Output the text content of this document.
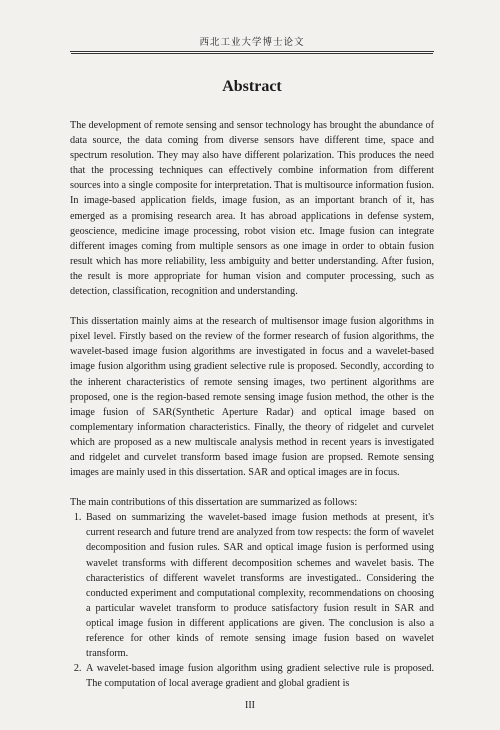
西北工业大学博士论文
Abstract

The development of remote sensing and sensor technology has brought the abundance of data source, the data coming from diverse sensors have different time, space and spectrum resolution. They may also have different polarization. This produces the need that the processing techniques can effectively combine information from different sources into a single composite for interpretation. That is multisource information fusion. In image-based application fields, image fusion, as an important branch of it, has emerged as a promising research area. It has abroad applications in defense system, geoscience, medicine image processing, robot vision etc. Image fusion can integrate different images coming from multiple sensors as one image in order to obtain fusion result which has more reliability, less ambiguity and better understanding. After fusion, the result is more appropriate for human vision and computer processing, such as detection, classification, recognition and understanding.

This dissertation mainly aims at the research of multisensor image fusion algorithms in pixel level. Firstly based on the review of the former research of fusion algorithms, the wavelet-based image fusion algorithms are investigated in focus and a wavelet-based image fusion algorithm using gradient selective rule is proposed. Secondly, according to the inherent characteristics of remote sensing images, two pertinent algorithms are proposed, one is the region-based remote sensing image fusion method, the other is the image fusion of SAR(Synthetic Aperture Radar) and optical image based on complementary information characteristics. Finally, the theory of ridgelet and curvelet which are proposed as a new multiscale analysis method in recent years is investigated and ridgelet and curvelet transform based image fusion are propsed. Remote sensing images are mainly used in this dissertation. SAR and optical images are in focus.

The main contributions of this dissertation are summarized as follows:

1. Based on summarizing the wavelet-based image fusion methods at present, it's current research and future trend are analyzed from tow respects: the form of wavelet decomposition and fusion rules. SAR and optical image fusion is performed using wavelet transforms with different decomposition schemes and wavelet basis. The characteristics of different wavelet transforms are investigated.. Considering the conducted experiment and computational complexity, recommendations on choosing a particular wavelet transform to produce satisfactory fusion result in SAR and optical image fusion in different applications are given. The conclusion is also a reference for other kinds of remote sensing image fusion based on wavelet transform.
2. A wavelet-based image fusion algorithm using gradient selective rule is proposed. The computation of local average gradient and global gradient is
III
